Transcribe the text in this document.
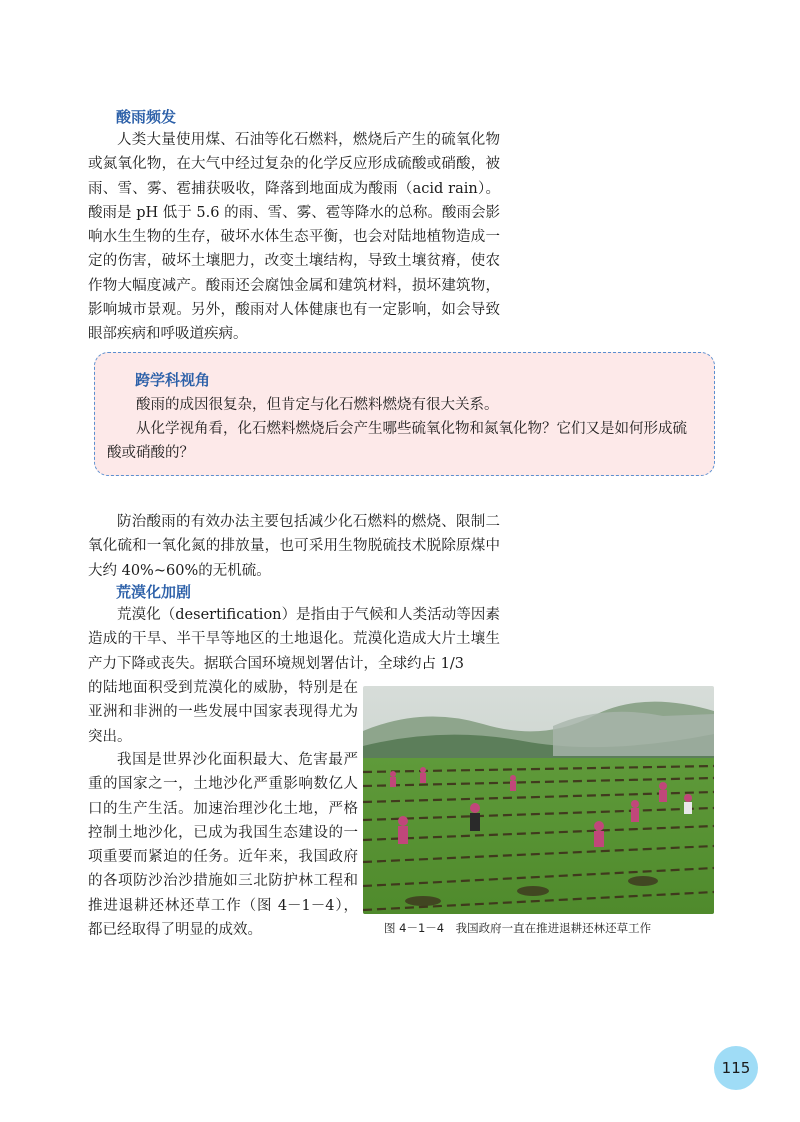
酸雨频发

人类大量使用煤、石油等化石燃料，燃烧后产生的硫氧化物或氮氧化物，在大气中经过复杂的化学反应形成硫酸或硝酸，被雨、雪、雾、雹捕获吸收，降落到地面成为酸雨（acid rain）。酸雨是 pH 低于 5.6 的雨、雪、雾、雹等降水的总称。酸雨会影响水生生物的生存，破坏水体生态平衡，也会对陆地植物造成一定的伤害，破坏土壤肥力，改变土壤结构，导致土壤贫瘠，使农作物大幅度减产。酸雨还会腐蚀金属和建筑材料，损坏建筑物，影响城市景观。另外，酸雨对人体健康也有一定影响，如会导致眼部疾病和呼吸道疾病。

跨学科视角

酸雨的成因很复杂，但肯定与化石燃料燃烧有很大关系。

从化学视角看，化石燃料燃烧后会产生哪些硫氧化物和氮氧化物？它们又是如何形成硫酸或硝酸的？

防治酸雨的有效办法主要包括减少化石燃料的燃烧、限制二氧化硫和一氧化氮的排放量，也可采用生物脱硫技术脱除原煤中大约 40%~60%的无机硫。

荒漠化加剧

荒漠化（desertification）是指由于气候和人类活动等因素造成的干旱、半干旱等地区的土地退化。荒漠化造成大片土壤生产力下降或丧失。据联合国环境规划署估计，全球约占 1/3

的陆地面积受到荒漠化的威胁，特别是在亚洲和非洲的一些发展中国家表现得尤为突出。

我国是世界沙化面积最大、危害最严重的国家之一，土地沙化严重影响数亿人口的生产生活。加速治理沙化土地，严格控制土地沙化，已成为我国生态建设的一项重要而紧迫的任务。近年来，我国政府的各项防沙治沙措施如三北防护林工程和推进退耕还林还草工作（图 4－1－4），都已经取得了明显的成效。	图 4－1－4　我国政府一直在推进退耕还林还草工作
115
